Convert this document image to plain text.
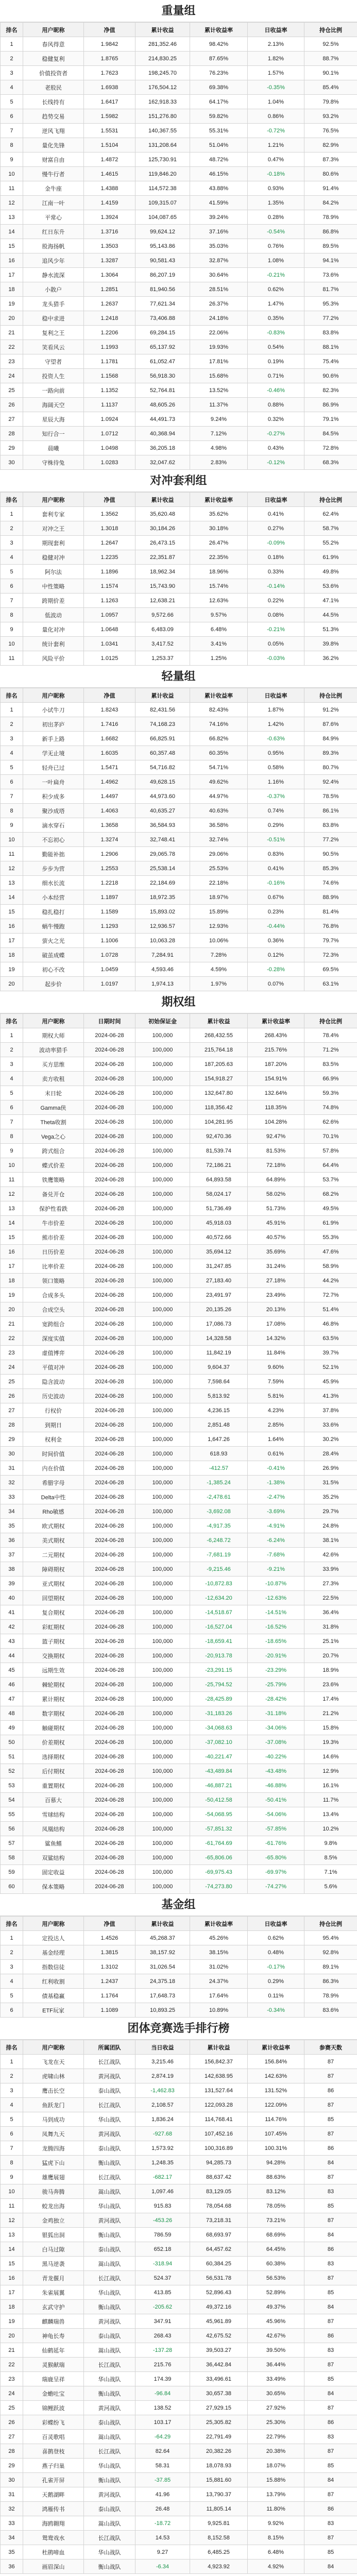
重量组
排名	用户昵称	净值	累计收益	累计收益率	日收益率	持仓比例
1	春风得意	1.9842	281,352.46	98.42%	2.13%	92.5%
2	稳健复利	1.8765	214,830.25	87.65%	1.82%	88.7%
3	价值投资者	1.7623	198,245.70	76.23%	1.57%	90.1%
4	老股民	1.6938	176,504.12	69.38%	-0.35%	85.4%
5	长线持有	1.6417	162,918.33	64.17%	1.04%	79.8%
6	趋势交易	1.5982	151,276.80	59.82%	0.86%	93.2%
7	逆风飞翔	1.5531	140,367.55	55.31%	-0.72%	76.5%
8	量化先锋	1.5104	131,208.64	51.04%	1.21%	82.9%
9	财富自由	1.4872	125,730.91	48.72%	0.47%	87.3%
10	慢牛行者	1.4615	119,846.20	46.15%	-0.18%	80.6%
11	金牛座	1.4388	114,572.38	43.88%	0.93%	91.4%
12	江南一叶	1.4159	109,315.07	41.59%	1.35%	84.2%
13	平常心	1.3924	104,087.65	39.24%	0.28%	78.9%
14	红日东升	1.3716	99,624.12	37.16%	-0.54%	86.8%
15	股海扬帆	1.3503	95,143.86	35.03%	0.76%	89.5%
16	追风少年	1.3287	90,581.43	32.87%	1.08%	94.1%
17	静水流深	1.3064	86,207.19	30.64%	-0.21%	73.6%
18	小散户	1.2851	81,940.56	28.51%	0.62%	81.7%
19	龙头猎手	1.2637	77,621.34	26.37%	1.47%	95.3%
20	稳中求进	1.2418	73,406.88	24.18%	0.35%	77.2%
21	复利之王	1.2206	69,284.15	22.06%	-0.83%	83.8%
22	笑看风云	1.1993	65,137.92	19.93%	0.54%	88.1%
23	守望者	1.1781	61,052.47	17.81%	0.19%	75.4%
24	投资人生	1.1568	56,918.30	15.68%	0.71%	90.6%
25	一路向前	1.1352	52,764.81	13.52%	-0.46%	82.3%
26	海阔天空	1.1137	48,605.26	11.37%	0.88%	86.9%
27	星辰大海	1.0924	44,491.73	9.24%	0.32%	79.1%
28	知行合一	1.0712	40,368.94	7.12%	-0.27%	84.5%
29	晨曦	1.0498	36,205.18	4.98%	0.43%	72.8%
30	守株待兔	1.0283	32,047.62	2.83%	-0.12%	68.3%
对冲套利组
排名	用户昵称	净值	累计收益	累计收益率	日收益率	持仓比例
1	套利专家	1.3562	35,620.48	35.62%	0.41%	62.4%
2	对冲之王	1.3018	30,184.26	30.18%	0.27%	58.7%
3	期现套利	1.2647	26,473.15	26.47%	-0.09%	55.2%
4	稳健对冲	1.2235	22,351.87	22.35%	0.18%	61.9%
5	阿尔法	1.1896	18,962.34	18.96%	0.33%	49.8%
6	中性策略	1.1574	15,743.90	15.74%	-0.14%	53.6%
7	跨期价差	1.1263	12,638.21	12.63%	0.22%	47.1%
8	低波动	1.0957	9,572.66	9.57%	0.08%	44.5%
9	量化对冲	1.0648	6,483.09	6.48%	-0.21%	51.3%
10	统计套利	1.0341	3,417.52	3.41%	0.05%	39.8%
11	风险平价	1.0125	1,253.37	1.25%	-0.03%	36.2%
轻量组
排名	用户昵称	净值	累计收益	累计收益率	日收益率	持仓比例
1	小试牛刀	1.8243	82,431.56	82.43%	1.87%	91.2%
2	初出茅庐	1.7416	74,168.23	74.16%	1.42%	87.6%
3	新手上路	1.6682	66,825.91	66.82%	-0.63%	84.9%
4	学无止境	1.6035	60,357.48	60.35%	0.95%	89.3%
5	轻舟已过	1.5471	54,716.82	54.71%	0.58%	80.7%
6	一叶扁舟	1.4962	49,628.15	49.62%	1.16%	92.4%
7	积少成多	1.4497	44,973.60	44.97%	-0.37%	78.5%
8	聚沙成塔	1.4063	40,635.27	40.63%	0.74%	86.1%
9	滴水穿石	1.3658	36,584.93	36.58%	0.29%	83.8%
10	不忘初心	1.3274	32,748.41	32.74%	-0.51%	77.2%
11	勤能补拙	1.2906	29,065.78	29.06%	0.83%	90.5%
12	步步为营	1.2553	25,538.14	25.53%	0.41%	85.3%
13	细水长流	1.2218	22,184.69	22.18%	-0.16%	74.6%
14	小本经营	1.1897	18,972.35	18.97%	0.67%	88.9%
15	稳扎稳打	1.1589	15,893.02	15.89%	0.23%	81.4%
16	蜗牛慢跑	1.1293	12,936.57	12.93%	-0.44%	76.8%
17	萤火之光	1.1006	10,063.28	10.06%	0.36%	79.7%
18	破茧成蝶	1.0728	7,284.91	7.28%	0.12%	72.3%
19	初心不改	1.0459	4,593.46	4.59%	-0.28%	69.5%
20	起步价	1.0197	1,974.13	1.97%	0.07%	63.1%
期权组
排名	用户昵称	日期时间	初始保证金	累计收益	累计收益率	持仓比例
1	期权大师	2024-06-28	100,000	268,432.55	268.43%	78.4%
2	波动率猎手	2024-06-28	100,000	215,764.18	215.76%	71.2%
3	买方思维	2024-06-28	100,000	187,205.63	187.20%	83.5%
4	卖方收租	2024-06-28	100,000	154,918.27	154.91%	66.9%
5	末日轮	2024-06-28	100,000	132,647.80	132.64%	59.3%
6	Gamma侠	2024-06-28	100,000	118,356.42	118.35%	74.8%
7	Theta收割	2024-06-28	100,000	104,281.95	104.28%	62.6%
8	Vega之心	2024-06-28	100,000	92,470.36	92.47%	70.1%
9	跨式组合	2024-06-28	100,000	81,539.74	81.53%	57.8%
10	蝶式价差	2024-06-28	100,000	72,186.21	72.18%	64.4%
11	铁鹰策略	2024-06-28	100,000	64,893.58	64.89%	53.7%
12	备兑开仓	2024-06-28	100,000	58,024.17	58.02%	68.2%
13	保护性看跌	2024-06-28	100,000	51,736.49	51.73%	49.5%
14	牛市价差	2024-06-28	100,000	45,918.03	45.91%	61.9%
15	熊市价差	2024-06-28	100,000	40,572.66	40.57%	55.3%
16	日历价差	2024-06-28	100,000	35,694.12	35.69%	47.6%
17	比率价差	2024-06-28	100,000	31,247.85	31.24%	58.9%
18	领口策略	2024-06-28	100,000	27,183.40	27.18%	44.2%
19	合成多头	2024-06-28	100,000	23,491.97	23.49%	72.7%
20	合成空头	2024-06-28	100,000	20,135.26	20.13%	51.4%
21	宽跨组合	2024-06-28	100,000	17,086.73	17.08%	46.8%
22	深度实值	2024-06-28	100,000	14,328.58	14.32%	63.5%
23	虚值博弈	2024-06-28	100,000	11,842.19	11.84%	39.7%
24	平值对冲	2024-06-28	100,000	9,604.37	9.60%	52.1%
25	隐含波动	2024-06-28	100,000	7,598.64	7.59%	45.9%
26	历史波动	2024-06-28	100,000	5,813.92	5.81%	41.3%
27	行权价	2024-06-28	100,000	4,236.15	4.23%	37.8%
28	到期日	2024-06-28	100,000	2,851.48	2.85%	33.6%
29	权利金	2024-06-28	100,000	1,647.26	1.64%	30.2%
30	时间价值	2024-06-28	100,000	618.93	0.61%	28.4%
31	内在价值	2024-06-28	100,000	-412.57	-0.41%	26.9%
32	希腊字母	2024-06-28	100,000	-1,385.24	-1.38%	31.5%
33	Delta中性	2024-06-28	100,000	-2,478.61	-2.47%	35.2%
34	Rho敏感	2024-06-28	100,000	-3,692.08	-3.69%	29.7%
35	欧式期权	2024-06-28	100,000	-4,917.35	-4.91%	24.8%
36	美式期权	2024-06-28	100,000	-6,248.72	-6.24%	38.1%
37	二元期权	2024-06-28	100,000	-7,681.19	-7.68%	42.6%
38	障碍期权	2024-06-28	100,000	-9,215.46	-9.21%	33.9%
39	亚式期权	2024-06-28	100,000	-10,872.83	-10.87%	27.3%
40	回望期权	2024-06-28	100,000	-12,634.20	-12.63%	22.5%
41	复合期权	2024-06-28	100,000	-14,518.67	-14.51%	36.4%
42	彩虹期权	2024-06-28	100,000	-16,527.04	-16.52%	31.8%
43	篮子期权	2024-06-28	100,000	-18,659.41	-18.65%	25.1%
44	交换期权	2024-06-28	100,000	-20,913.78	-20.91%	20.7%
45	远期生效	2024-06-28	100,000	-23,291.15	-23.29%	18.9%
46	棘轮期权	2024-06-28	100,000	-25,794.52	-25.79%	23.6%
47	累计期权	2024-06-28	100,000	-28,425.89	-28.42%	17.4%
48	数字期权	2024-06-28	100,000	-31,183.26	-31.18%	21.2%
49	触碰期权	2024-06-28	100,000	-34,068.63	-34.06%	15.8%
50	价差期权	2024-06-28	100,000	-37,082.10	-37.08%	19.3%
51	选择期权	2024-06-28	100,000	-40,221.47	-40.22%	14.6%
52	后付期权	2024-06-28	100,000	-43,489.84	-43.48%	12.9%
53	重置期权	2024-06-28	100,000	-46,887.21	-46.88%	16.1%
54	百慕大	2024-06-28	100,000	-50,412.58	-50.41%	11.7%
55	雪球结构	2024-06-28	100,000	-54,068.95	-54.06%	13.4%
56	凤凰结构	2024-06-28	100,000	-57,851.32	-57.85%	10.2%
57	鲨鱼鳍	2024-06-28	100,000	-61,764.69	-61.76%	9.8%
58	双鲨结构	2024-06-28	100,000	-65,806.06	-65.80%	8.5%
59	固定收益	2024-06-28	100,000	-69,975.43	-69.97%	7.1%
60	保本策略	2024-06-28	100,000	-74,273.80	-74.27%	5.6%
基金组
排名	用户昵称	净值	累计收益	累计收益率	日收益率	持仓比例
1	定投达人	1.4526	45,268.37	45.26%	0.62%	95.4%
2	基金经理	1.3815	38,157.92	38.15%	0.48%	92.8%
3	指数信徒	1.3102	31,026.54	31.02%	-0.17%	89.1%
4	红利收割	1.2437	24,375.18	24.37%	0.29%	86.3%
5	债基稳赢	1.1764	17,648.73	17.64%	0.11%	78.9%
6	ETF玩家	1.1089	10,893.25	10.89%	-0.34%	83.6%
团体竞赛选手排行榜
排名	用户昵称	所属团队	当日收益	累计收益	累计收益率	参赛天数
1	飞龙在天	长江战队	3,215.46	156,842.37	156.84%	87
2	虎啸山林	黄河战队	2,874.19	142,638.95	142.63%	87
3	鹰击长空	泰山战队	-1,462.83	131,527.64	131.52%	86
4	鱼跃龙门	长江战队	2,108.57	122,093.28	122.09%	87
5	马到成功	华山战队	1,836.24	114,768.41	114.76%	85
6	凤舞九天	黄河战队	-927.68	107,452.16	107.45%	87
7	龙腾四海	泰山战队	1,573.92	100,316.89	100.31%	86
8	猛虎下山	衡山战队	1,248.35	94,285.73	94.28%	84
9	雄鹰展翅	长江战队	-682.17	88,637.42	88.63%	87
10	骏马奔腾	嵩山战队	1,097.46	83,129.05	83.12%	83
11	蛟龙出海	华山战队	915.83	78,054.68	78.05%	85
12	金鸡独立	黄河战队	-453.26	73,218.31	73.21%	87
13	银狐出洞	衡山战队	786.59	68,693.97	68.69%	84
14	白马过隙	泰山战队	652.18	64,457.62	64.45%	86
15	黑马逆袭	嵩山战队	-318.94	60,384.25	60.38%	83
16	青龙偃月	长江战队	524.37	56,531.78	56.53%	87
17	朱雀展翼	华山战队	413.85	52,896.43	52.89%	85
18	玄武守护	衡山战队	-205.62	49,372.16	49.37%	84
19	麒麟瑞兽	黄河战队	347.91	45,961.89	45.96%	87
20	神龟长寿	泰山战队	268.43	42,675.52	42.67%	86
21	仙鹤延年	嵩山战队	-137.28	39,503.27	39.50%	83
22	灵猴献瑞	长江战队	215.76	36,442.84	36.44%	87
23	瑞鹿呈祥	华山战队	174.39	33,496.61	33.49%	85
24	金蟾吐宝	衡山战队	-96.84	30,657.38	30.65%	84
25	锦鲤跃波	黄河战队	138.52	27,929.15	27.92%	87
26	彩蝶纷飞	泰山战队	103.17	25,305.82	25.30%	86
27	百灵歌唱	嵩山战队	-64.29	22,791.49	22.79%	83
28	喜鹊登枝	长江战队	82.64	20,382.26	20.38%	87
29	燕子归巢	华山战队	58.31	18,078.93	18.07%	85
30	孔雀开屏	衡山战队	-37.85	15,881.60	15.88%	84
31	天鹅湖畔	黄河战队	41.96	13,790.37	13.79%	87
32	鸿雁传书	泰山战队	26.48	11,805.14	11.80%	86
33	海鸥翱翔	嵩山战队	-18.72	9,925.81	9.92%	83
34	鸳鸯戏水	长江战队	14.53	8,152.58	8.15%	87
35	杜鹃啼血	华山战队	9.27	6,485.25	6.48%	85
36	画眉深山	衡山战队	-6.34	4,923.92	4.92%	84
